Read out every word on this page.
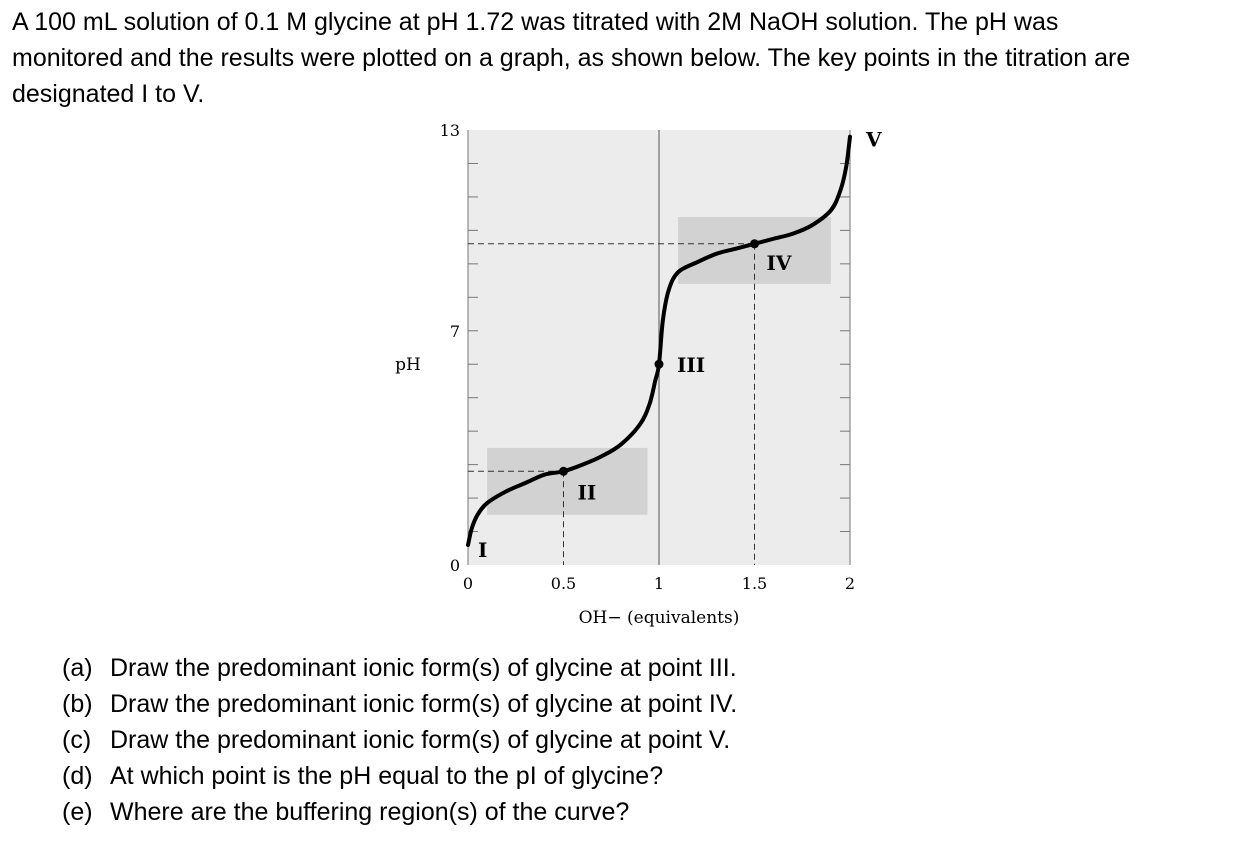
A 100 mL solution of 0.1 M glycine at pH 1.72 was titrated with 2M NaOH solution. The pH was
monitored and the results were plotted on a graph, as shown below. The key points in the titration are
designated I to V.
I
II
III
IV
V
0
7
13
0	0.5	1	1.5	2
pH
OH− (equivalents)
(a) Draw the predominant ionic form(s) of glycine at point III.
(b) Draw the predominant ionic form(s) of glycine at point IV.
(c) Draw the predominant ionic form(s) of glycine at point V.
(d) At which point is the pH equal to the pI of glycine?
(e) Where are the buffering region(s) of the curve?
